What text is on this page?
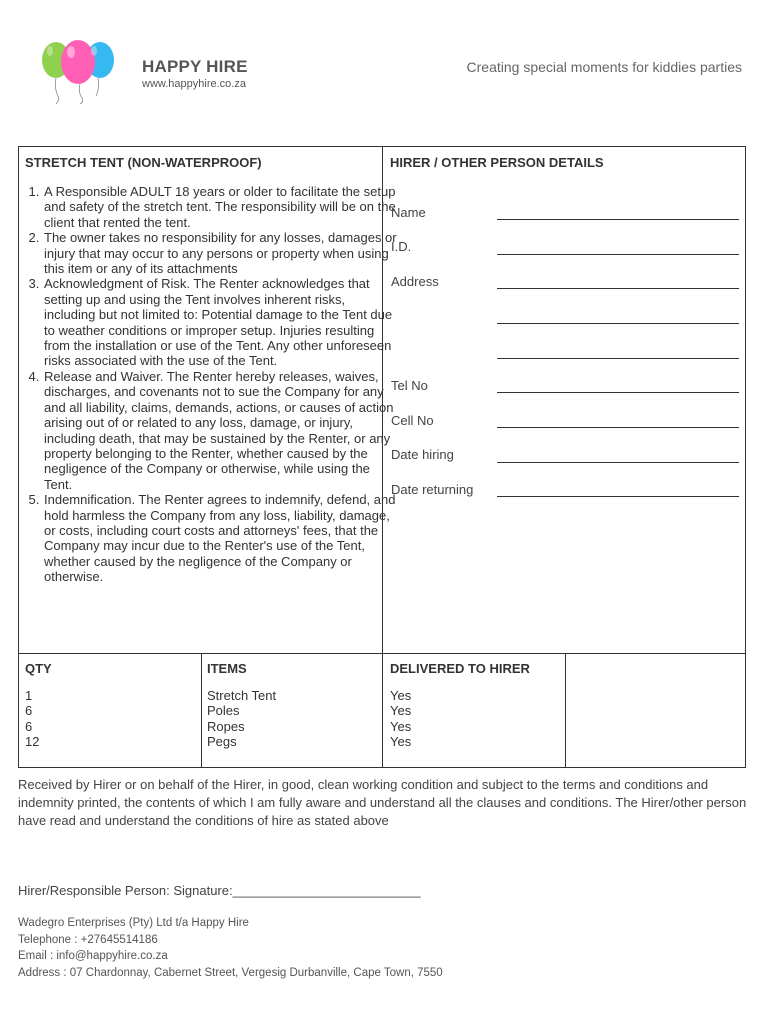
HAPPY HIRE
www.happyhire.co.za
Creating special moments for kiddies parties
STRETCH TENT (NON-WATERPROOF)
1. A Responsible ADULT 18 years or older to facilitate the setup and safety of the stretch tent. The responsibility will be on the client that rented the tent.
2. The owner takes no responsibility for any losses, damages or injury that may occur to any persons or property when using this item or any of its attachments
3. Acknowledgment of Risk. The Renter acknowledges that setting up and using the Tent involves inherent risks, including but not limited to: Potential damage to the Tent due to weather conditions or improper setup. Injuries resulting from the installation or use of the Tent. Any other unforeseen risks associated with the use of the Tent.
4. Release and Waiver. The Renter hereby releases, waives, discharges, and covenants not to sue the Company for any and all liability, claims, demands, actions, or causes of action arising out of or related to any loss, damage, or injury, including death, that may be sustained by the Renter, or any property belonging to the Renter, whether caused by the negligence of the Company or otherwise, while using the Tent.
5. Indemnification. The Renter agrees to indemnify, defend, and hold harmless the Company from any loss, liability, damage, or costs, including court costs and attorneys' fees, that the Company may incur due to the Renter's use of the Tent, whether caused by the negligence of the Company or otherwise.
HIRER / OTHER PERSON DETAILS
Name
I.D.
Address
Tel No
Cell No
Date hiring
Date returning
QTY	ITEMS	DELIVERED TO HIRER
1
6
6
12
Stretch Tent
Poles
Ropes
Pegs
Yes
Yes
Yes
Yes
Received by Hirer or on behalf of the Hirer, in good, clean working condition and subject to the terms and conditions and indemnity printed, the contents of which I am fully aware and understand all the clauses and conditions. The Hirer/other person have read and understand the conditions of hire as stated above
Hirer/Responsible Person: Signature:__________________________
Wadegro Enterprises (Pty) Ltd t/a Happy Hire
Telephone : +27645514186
Email : info@happyhire.co.za
Address : 07 Chardonnay, Cabernet Street, Vergesig Durbanville, Cape Town, 7550
